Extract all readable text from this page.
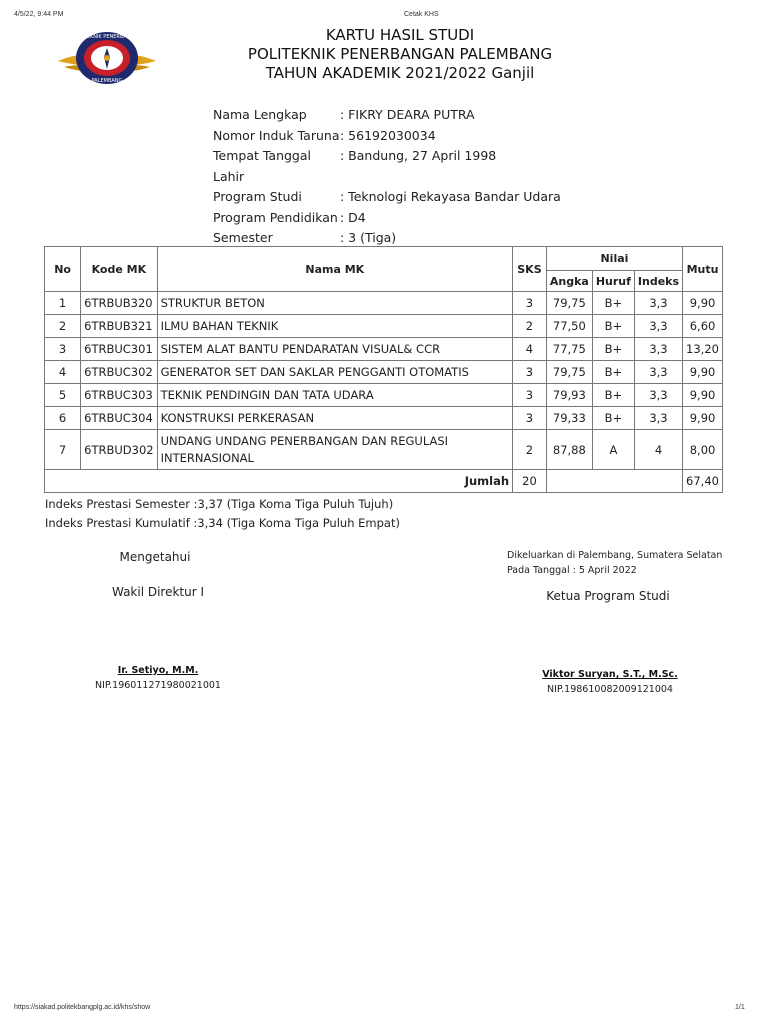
4/5/22, 9:44 PM	Cetak KHS
POLITEKNIK PENERBANGAN
PALEMBANG
KARTU HASIL STUDI
POLITEKNIK PENERBANGAN PALEMBANG
TAHUN AKADEMIK 2021/2022 Ganjil
Nama Lengkap	: FIKRY DEARA PUTRA
Nomor Induk Taruna : 56192030034
Tempat Tanggal Lahir
: Bandung, 27 April 1998
Program Studi	: Teknologi Rekayasa Bandar Udara
Program Pendidikan : D4
Semester	: 3 (Tiga)
No	Kode MK	Nama MK	SKS	Nilai			Mutu
				Angka	Huruf	Indeks	
1	6TRBUB320	STRUKTUR BETON	3	79,75	B+	3,3	9,90
2	6TRBUB321	ILMU BAHAN TEKNIK	2	77,50	B+	3,3	6,60
3	6TRBUC301	SISTEM ALAT BANTU PENDARATAN VISUAL& CCR	4	77,75	B+	3,3	13,20
4	6TRBUC302	GENERATOR SET DAN SAKLAR PENGGANTI OTOMATIS	3	79,75	B+	3,3	9,90
5	6TRBUC303	TEKNIK PENDINGIN DAN TATA UDARA	3	79,93	B+	3,3	9,90
6	6TRBUC304	KONSTRUKSI PERKERASAN	3	79,33	B+	3,3	9,90
7	6TRBUD302	UNDANG UNDANG PENERBANGAN DAN REGULASI INTERNASIONAL	2	87,88	A	4	8,00
Jumlah			20				67,40
Indeks Prestasi Semester :3,37 (Tiga Koma Tiga Puluh Tujuh)
Indeks Prestasi Kumulatif :3,34 (Tiga Koma Tiga Puluh Empat)
Mengetahui
Wakil Direktur I
Ir. Setiyo, M.M.
NIP.196011271980021001
Dikeluarkan di Palembang, Sumatera Selatan
Pada Tanggal : 5 April 2022
Ketua Program Studi
Viktor Suryan, S.T., M.Sc.
NIP.198610082009121004
https://siakad.politekbangplg.ac.id/khs/show	1/1
